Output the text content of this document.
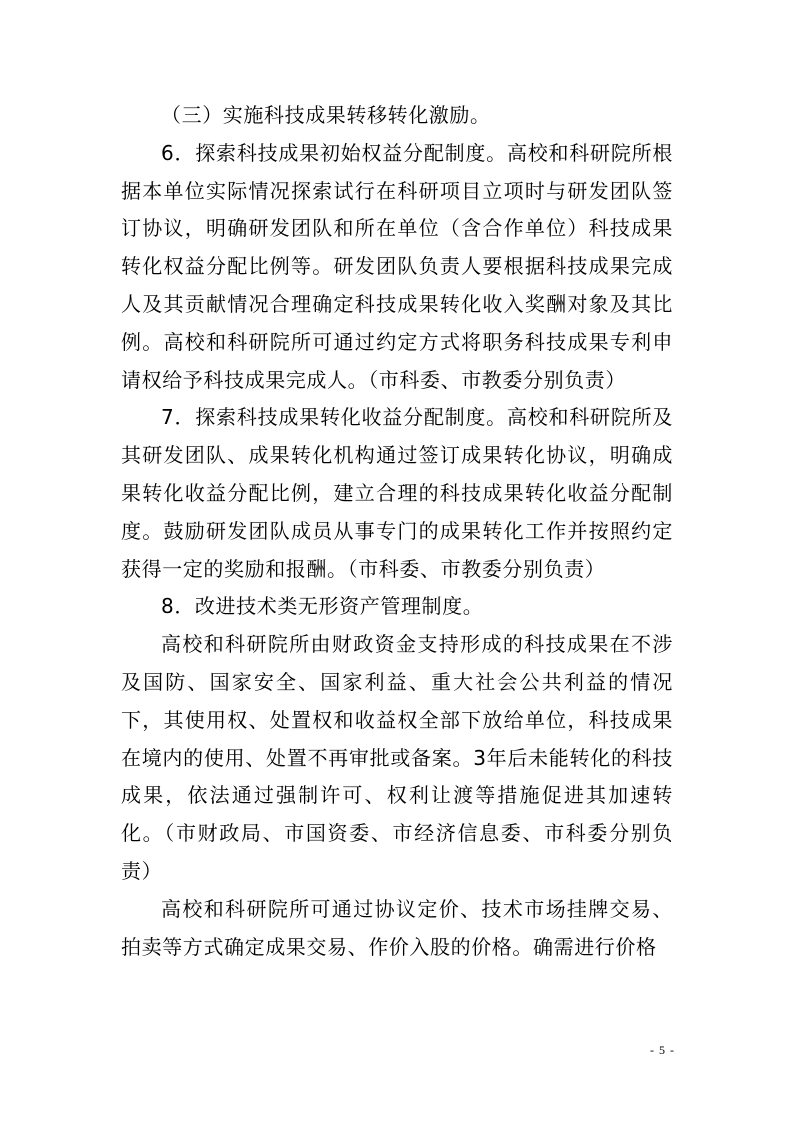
（三）实施科技成果转移转化激励。

6．探索科技成果初始权益分配制度。高校和科研院所根据本单位实际情况探索试行在科研项目立项时与研发团队签订协议，明确研发团队和所在单位（含合作单位）科技成果转化权益分配比例等。研发团队负责人要根据科技成果完成人及其贡献情况合理确定科技成果转化收入奖酬对象及其比例。高校和科研院所可通过约定方式将职务科技成果专利申请权给予科技成果完成人。（市科委、市教委分别负责）

7．探索科技成果转化收益分配制度。高校和科研院所及其研发团队、成果转化机构通过签订成果转化协议，明确成果转化收益分配比例，建立合理的科技成果转化收益分配制度。鼓励研发团队成员从事专门的成果转化工作并按照约定获得一定的奖励和报酬。（市科委、市教委分别负责）

8．改进技术类无形资产管理制度。

高校和科研院所由财政资金支持形成的科技成果在不涉及国防、国家安全、国家利益、重大社会公共利益的情况下，其使用权、处置权和收益权全部下放给单位，科技成果在境内的使用、处置不再审批或备案。3年后未能转化的科技成果，依法通过强制许可、权利让渡等措施促进其加速转化。（市财政局、市国资委、市经济信息委、市科委分别负责）

高校和科研院所可通过协议定价、技术市场挂牌交易、拍卖等方式确定成果交易、作价入股的价格。确需进行价格

- 5 -
